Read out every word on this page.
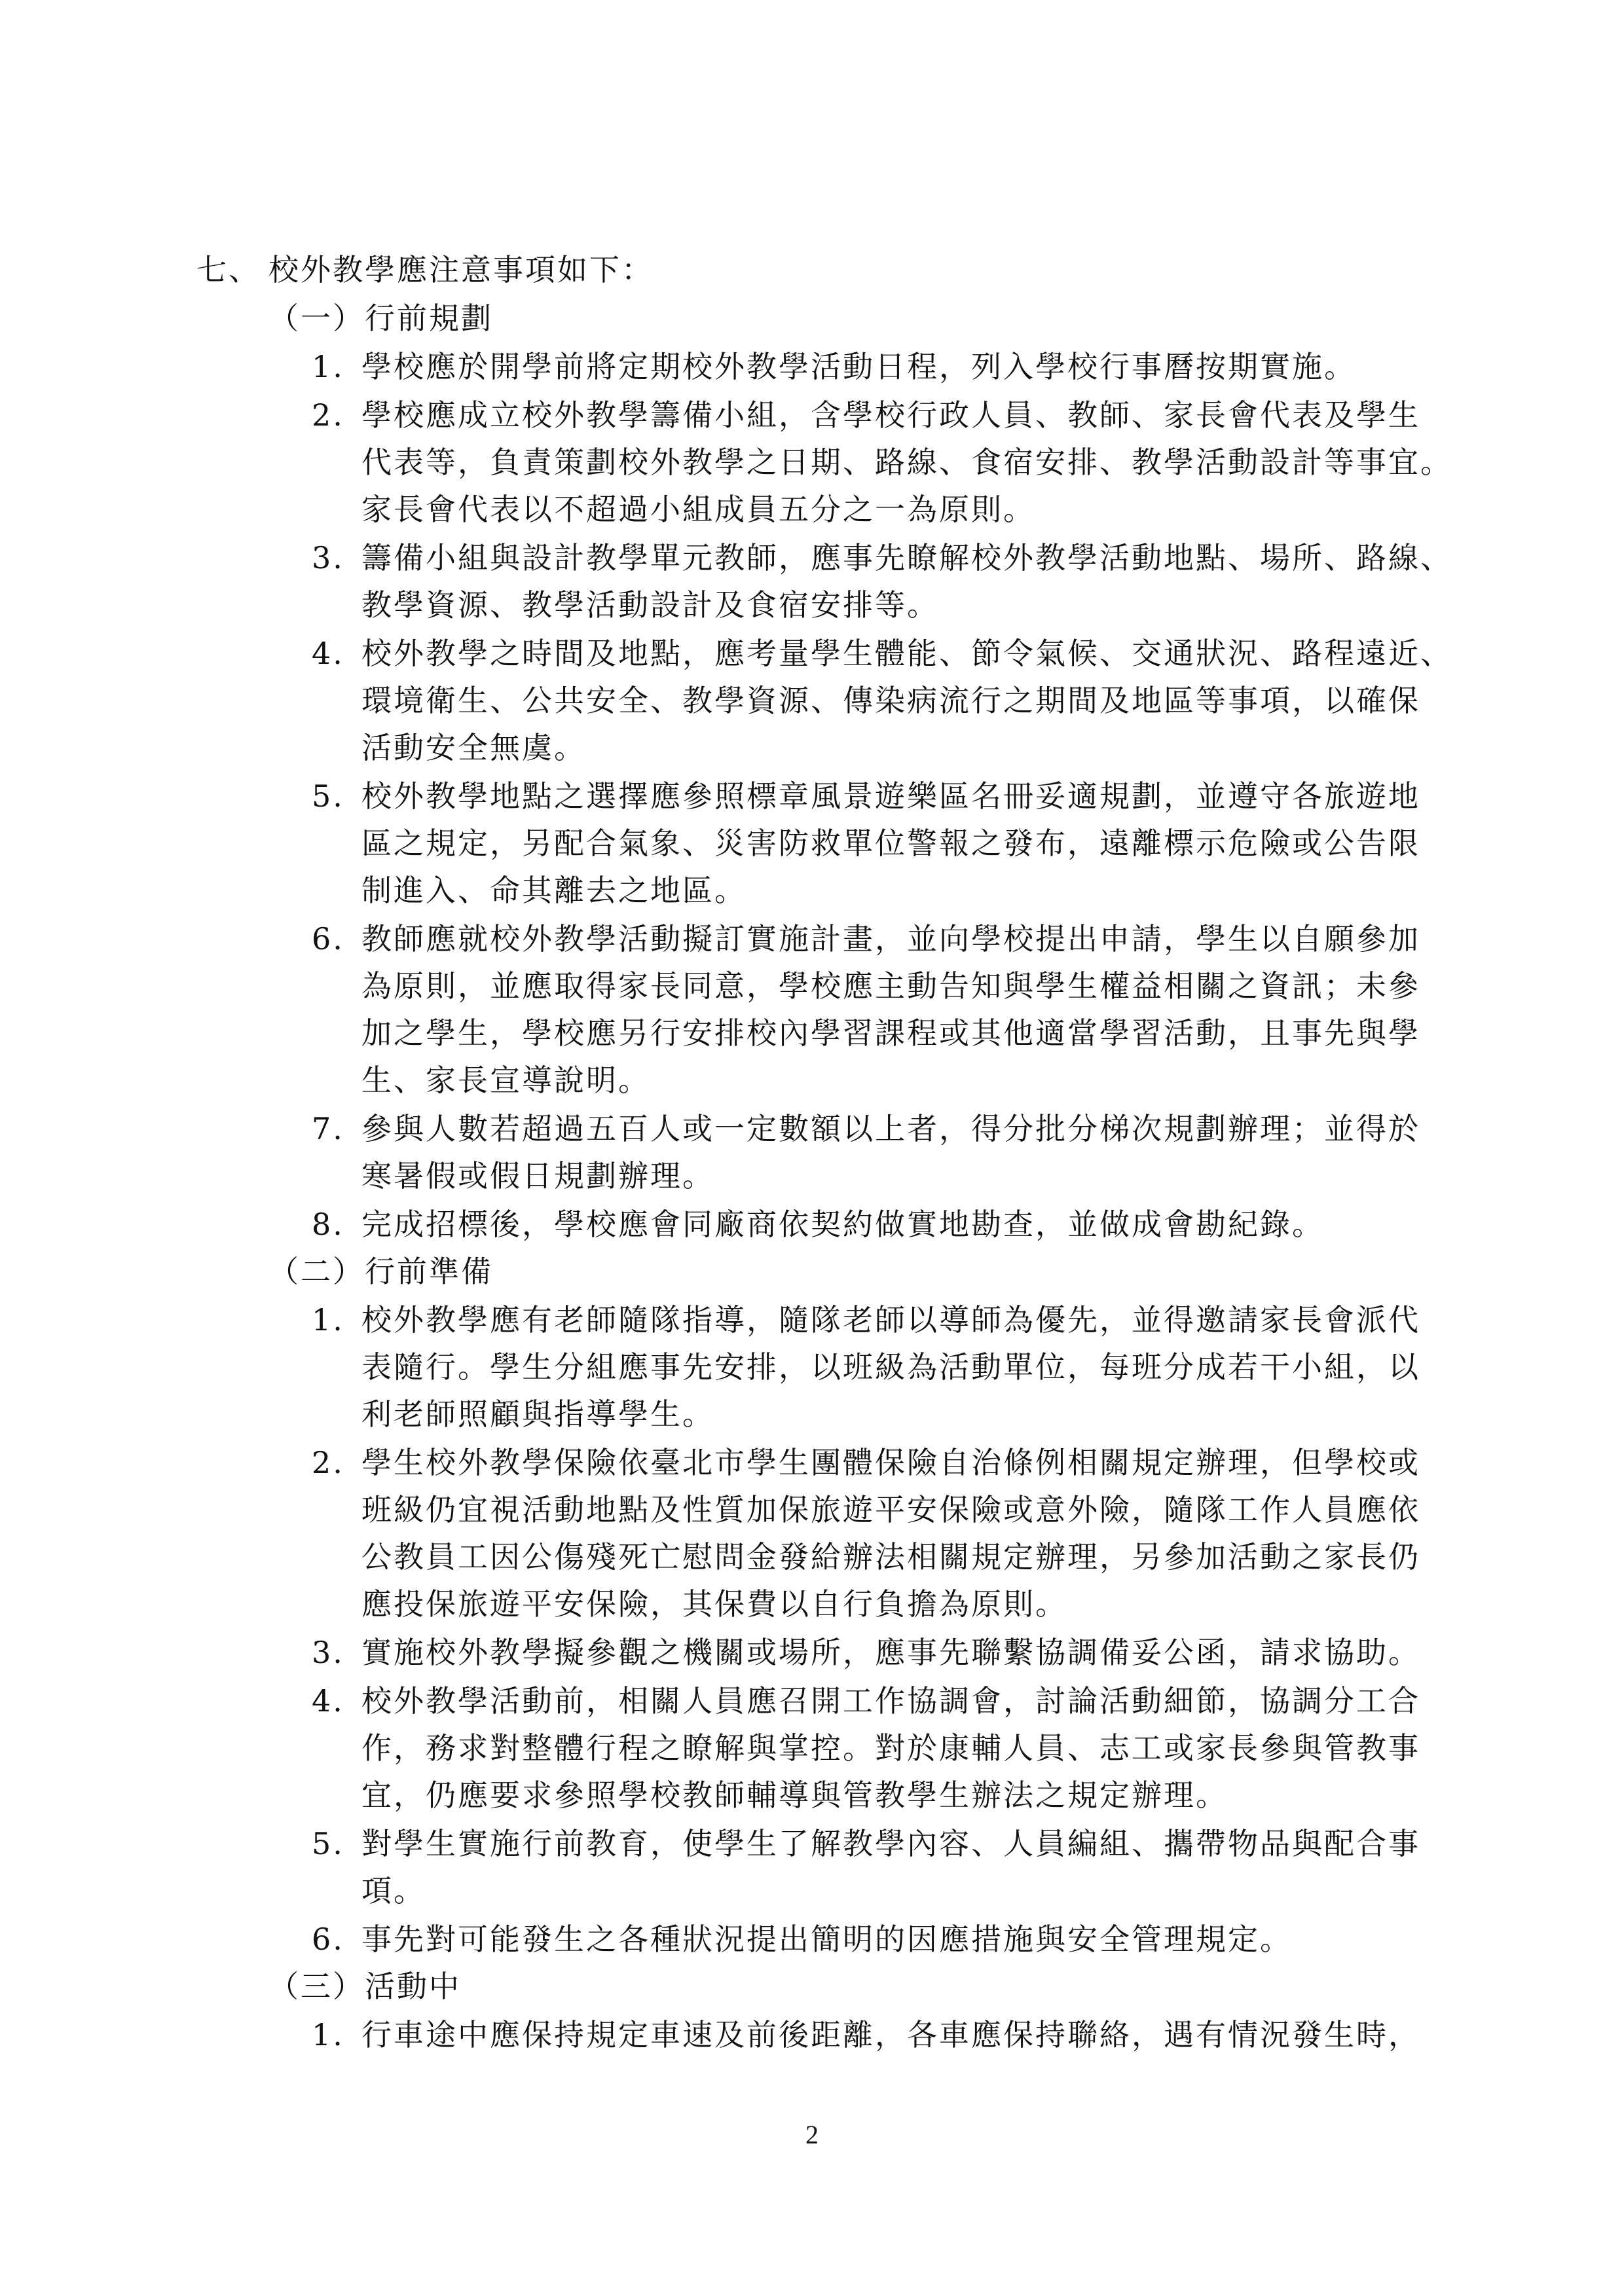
七、 校外教學應注意事項如下：
（一）行前規劃
1. 學校應於開學前將定期校外教學活動日程，列入學校行事曆按期實施。
2. 學校應成立校外教學籌備小組，含學校行政人員、教師、家長會代表及學生
代表等，負責策劃校外教學之日期、路線、食宿安排、教學活動設計等事宜。
家長會代表以不超過小組成員五分之一為原則。
3. 籌備小組與設計教學單元教師，應事先瞭解校外教學活動地點、場所、路線、
教學資源、教學活動設計及食宿安排等。
4. 校外教學之時間及地點，應考量學生體能、節令氣候、交通狀況、路程遠近、
環境衛生、公共安全、教學資源、傳染病流行之期間及地區等事項，以確保
活動安全無虞。
5. 校外教學地點之選擇應參照標章風景遊樂區名冊妥適規劃，並遵守各旅遊地
區之規定，另配合氣象、災害防救單位警報之發布，遠離標示危險或公告限
制進入、命其離去之地區。
6. 教師應就校外教學活動擬訂實施計畫，並向學校提出申請，學生以自願參加
為原則，並應取得家長同意，學校應主動告知與學生權益相關之資訊；未參
加之學生，學校應另行安排校內學習課程或其他適當學習活動，且事先與學
生、家長宣導說明。
7. 參與人數若超過五百人或一定數額以上者，得分批分梯次規劃辦理；並得於
寒暑假或假日規劃辦理。
8. 完成招標後，學校應會同廠商依契約做實地勘查，並做成會勘紀錄。
（二）行前準備
1. 校外教學應有老師隨隊指導，隨隊老師以導師為優先，並得邀請家長會派代
表隨行。學生分組應事先安排，以班級為活動單位，每班分成若干小組，以
利老師照顧與指導學生。
2. 學生校外教學保險依臺北市學生團體保險自治條例相關規定辦理，但學校或
班級仍宜視活動地點及性質加保旅遊平安保險或意外險，隨隊工作人員應依
公教員工因公傷殘死亡慰問金發給辦法相關規定辦理，另參加活動之家長仍
應投保旅遊平安保險，其保費以自行負擔為原則。
3. 實施校外教學擬參觀之機關或場所，應事先聯繫協調備妥公函，請求協助。
4. 校外教學活動前，相關人員應召開工作協調會，討論活動細節，協調分工合
作，務求對整體行程之瞭解與掌控。對於康輔人員、志工或家長參與管教事
宜，仍應要求參照學校教師輔導與管教學生辦法之規定辦理。
5. 對學生實施行前教育，使學生了解教學內容、人員編組、攜帶物品與配合事
項。
6. 事先對可能發生之各種狀況提出簡明的因應措施與安全管理規定。
（三）活動中
1. 行車途中應保持規定車速及前後距離，各車應保持聯絡，遇有情況發生時，
2
